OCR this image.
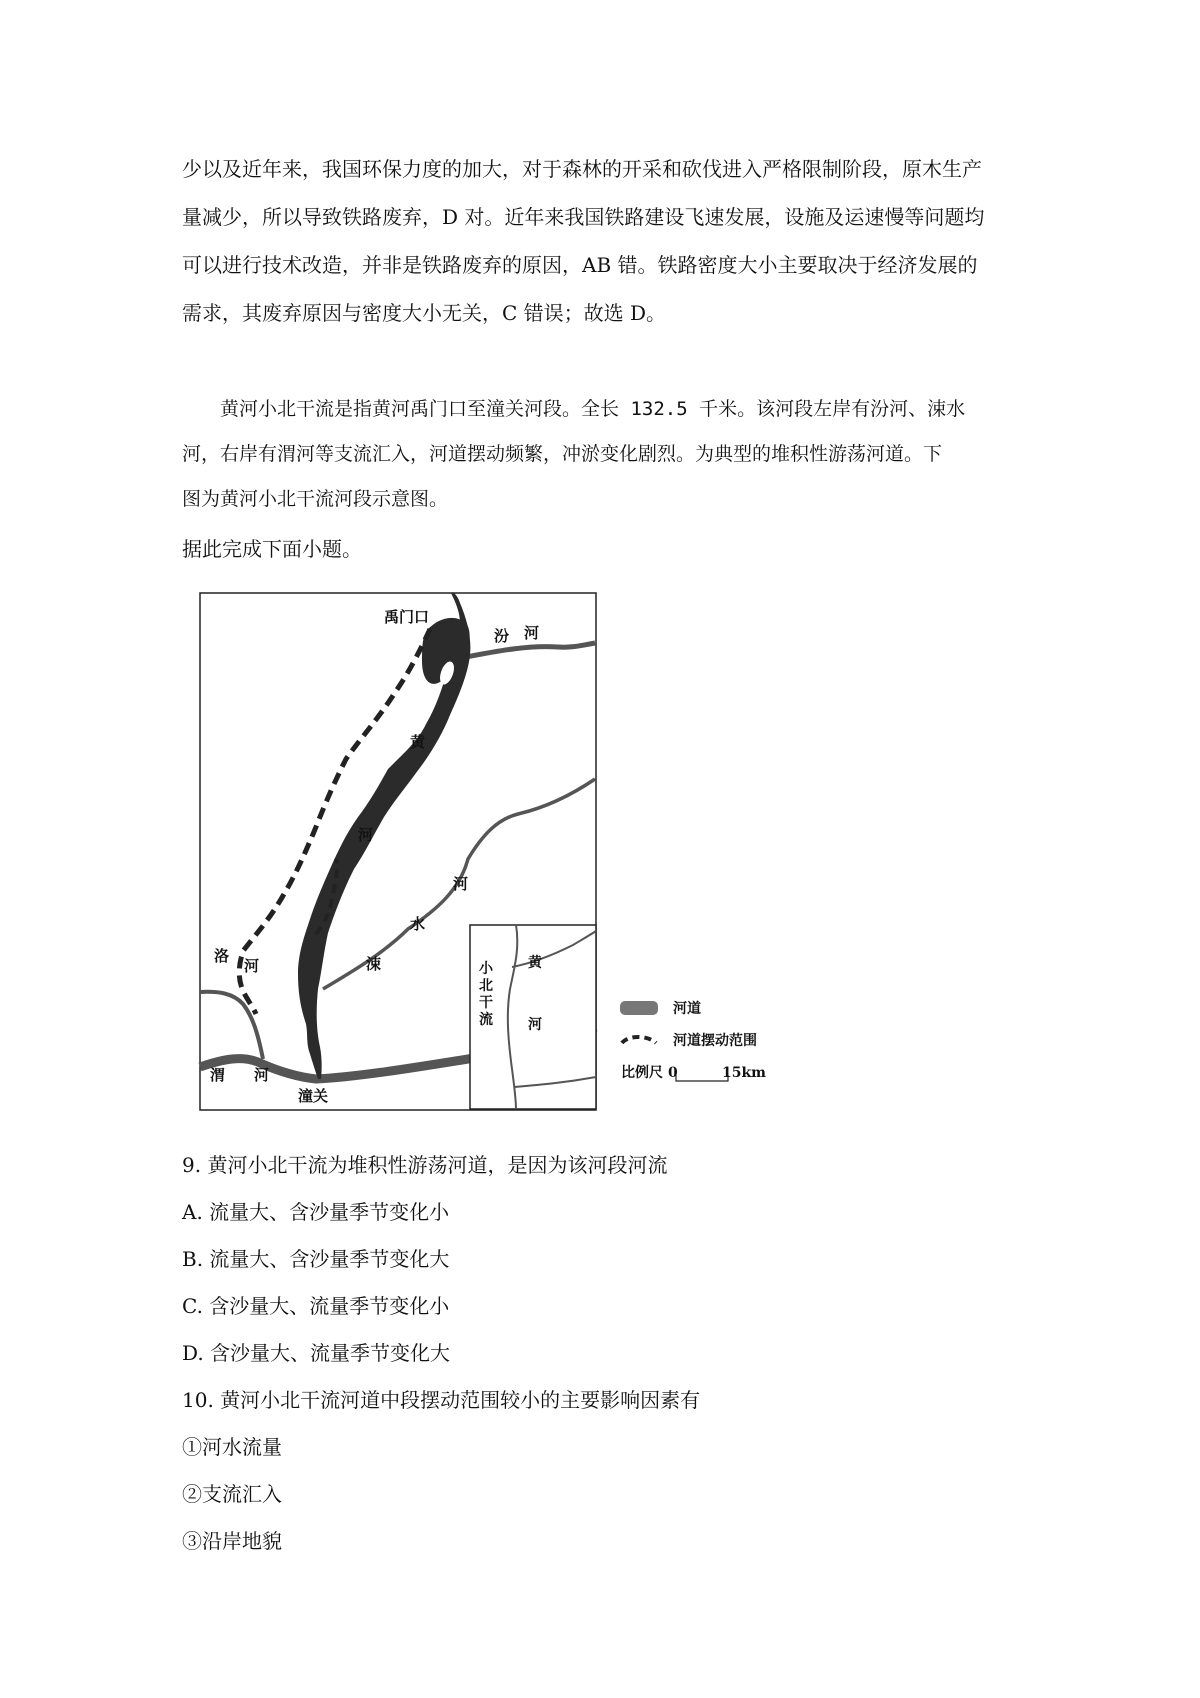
少以及近年来，我国环保力度的加大，对于森林的开采和砍伐进入严格限制阶段，原木生产

量减少，所以导致铁路废弃，D 对。近年来我国铁路建设飞速发展，设施及运速慢等问题均

可以进行技术改造，并非是铁路废弃的原因，AB 错。铁路密度大小主要取决于经济发展的

需求，其废弃原因与密度大小无关，C 错误；故选 D。

黄河小北干流是指黄河禹门口至潼关河段。全长 132.5 千米。该河段左岸有汾河、涑水

河，右岸有渭河等支流汇入，河道摆动频繁，冲淤变化剧烈。为典型的堆积性游荡河道。下

图为黄河小北干流河段示意图。

据此完成下面小题。

禹门口
汾 河
黄
河
河
水
涑
洛
河
渭 河
潼关
小
北
干
流
黄
河
河道
河道摆动范围
比例尺 0	15km
9. 黄河小北干流为堆积性游荡河道，是因为该河段河流
A. 流量大、含沙量季节变化小
B. 流量大、含沙量季节变化大
C. 含沙量大、流量季节变化小
D. 含沙量大、流量季节变化大
10. 黄河小北干流河道中段摆动范围较小的主要影响因素有
①河水流量
②支流汇入
③沿岸地貌
